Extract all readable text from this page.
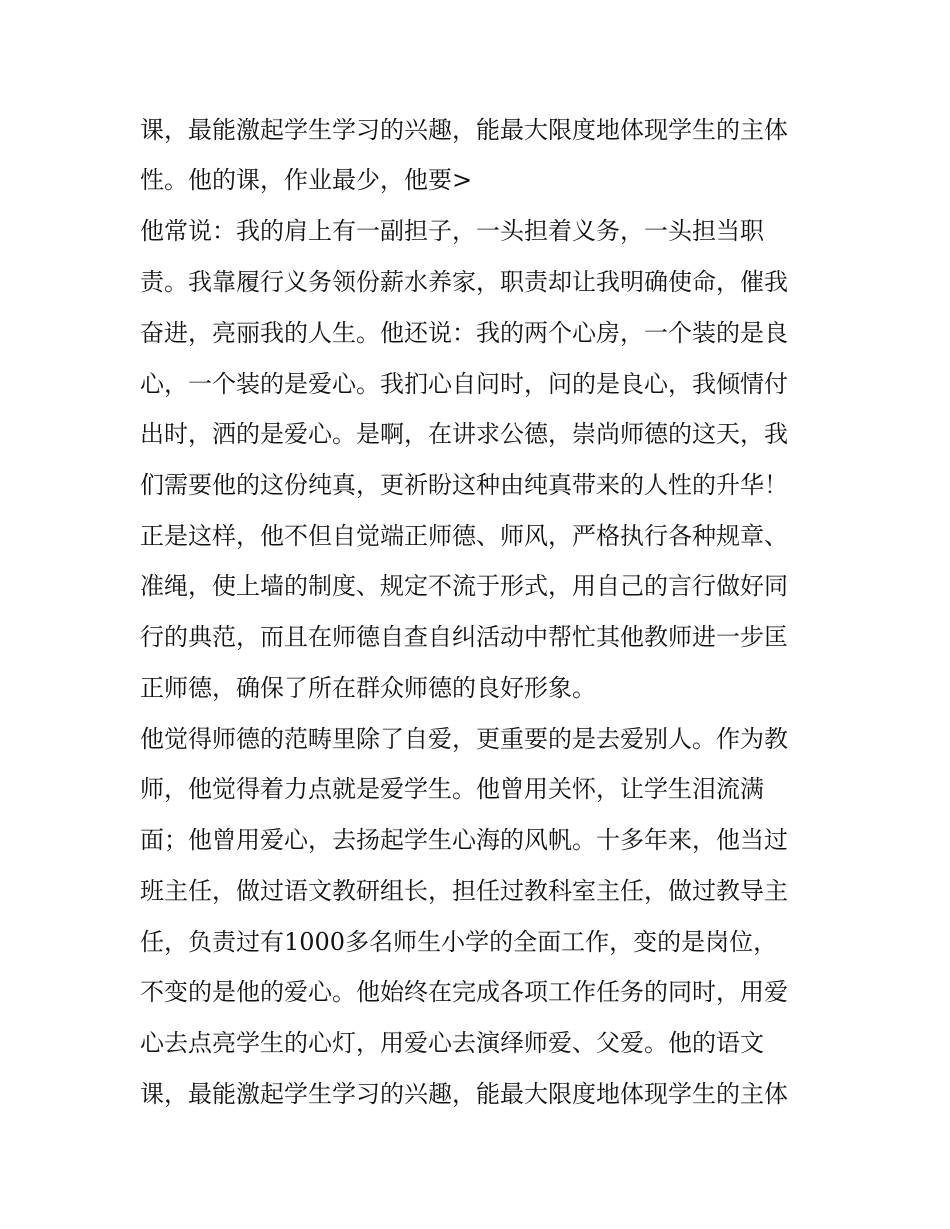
课，最能激起学生学习的兴趣，能最大限度地体现学生的主体
性。他的课，作业最少，他要>
他常说：我的肩上有一副担子，一头担着义务，一头担当职
责。我靠履行义务领份薪水养家，职责却让我明确使命，催我
奋进，亮丽我的人生。他还说：我的两个心房，一个装的是良
心，一个装的是爱心。我扪心自问时，问的是良心，我倾情付
出时，洒的是爱心。是啊，在讲求公德，崇尚师德的这天，我
们需要他的这份纯真，更祈盼这种由纯真带来的人性的升华！
正是这样，他不但自觉端正师德、师风，严格执行各种规章、
准绳，使上墙的制度、规定不流于形式，用自己的言行做好同
行的典范，而且在师德自查自纠活动中帮忙其他教师进一步匡
正师德，确保了所在群众师德的良好形象。
他觉得师德的范畴里除了自爱，更重要的是去爱别人。作为教
师，他觉得着力点就是爱学生。他曾用关怀，让学生泪流满
面；他曾用爱心，去扬起学生心海的风帆。十多年来，他当过
班主任，做过语文教研组长，担任过教科室主任，做过教导主
任，负责过有1000多名师生小学的全面工作，变的是岗位，
不变的是他的爱心。他始终在完成各项工作任务的同时，用爱
心去点亮学生的心灯，用爱心去演绎师爱、父爱。他的语文
课，最能激起学生学习的兴趣，能最大限度地体现学生的主体
